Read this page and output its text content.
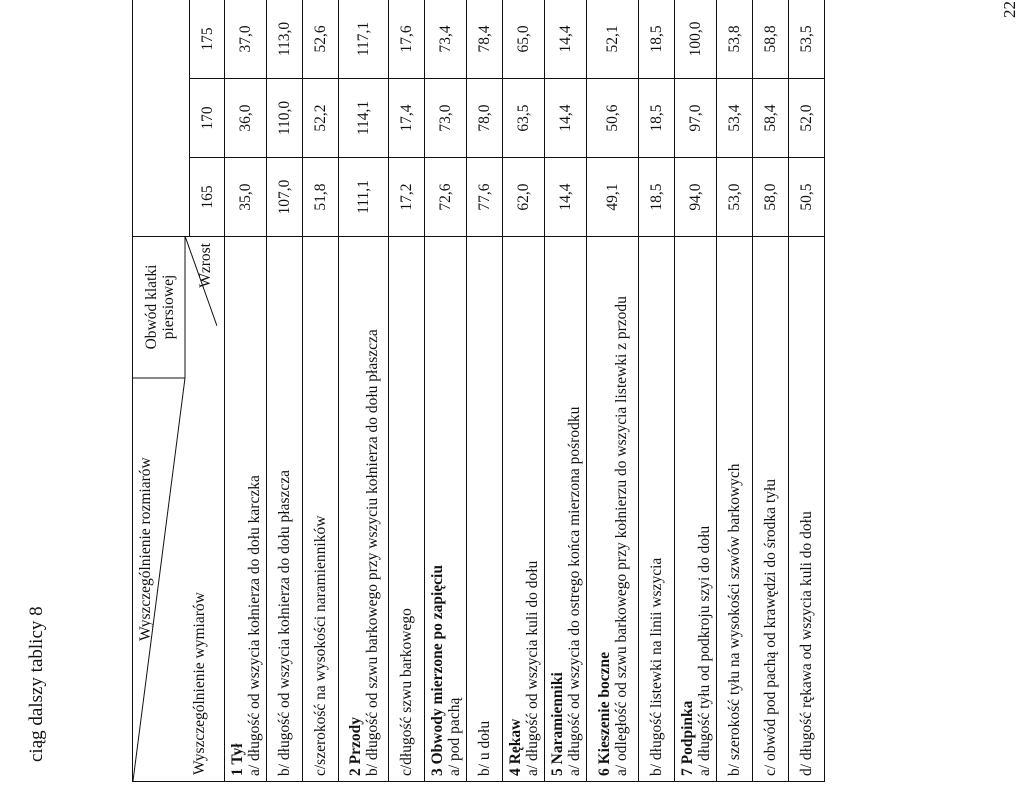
22
ciąg dalszy tablicy 8
Obwód klatki piersiowej
Wyszczególnienie rozmiarów
Wyszczególnienie wymiarów
Wzrost			

	165	170	175

1 Tył a/ długość od wszycia kołnierza do dołu karczka	35,0	36,0	37,0

b/ długość od wszycia kołnierza do dołu płaszcza	107,0	110,0	113,0

c/szerokość na wysokości naramienników	51,8	52,2	52,6

2 Przody b/ długość od szwu barkowego przy wszyciu kołnierza do dołu płaszcza	111,1	114,1	117,1

c/długość szwu barkowego	17,2	17,4	17,6

3 Obwody mierzone po zapięciu a/ pod pachą	72,6	73,0	73,4

b/ u dołu	77,6	78,0	78,4

4 Rękaw a/ długość od wszycia kuli do dołu	62,0	63,5	65,0

5 Naramienniki a/ długość od wszycia do ostrego końca mierzona pośrodku	14,4	14,4	14,4

6 Kieszenie boczne a/ odległość od szwu barkowego przy kołnierzu do wszycia listewki z przodu	49,1	50,6	52,1

b/ długość listewki na linii wszycia	18,5	18,5	18,5

7 Podpinka a/ długość tyłu od podkroju szyi do dołu	94,0	97,0	100,0

b/ szerokość tyłu na wysokości szwów barkowych	53,0	53,4	53,8

c/ obwód pod pachą od krawędzi do środka tyłu	58,0	58,4	58,8

d/ długość rękawa od wszycia kuli do dołu	50,5	52,0	53,5
